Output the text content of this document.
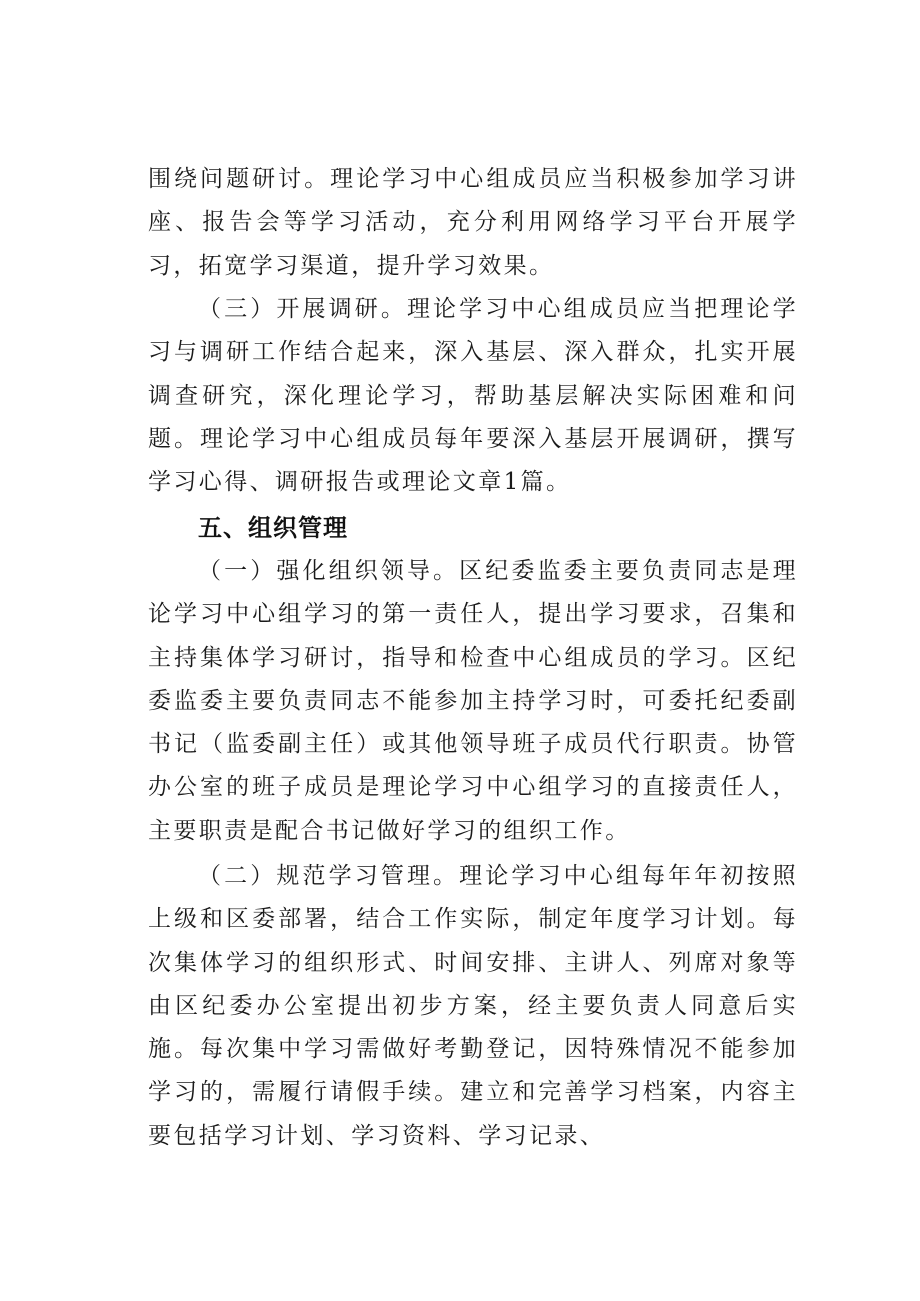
围绕问题研讨。理论学习中心组成员应当积极参加学习讲座、报告会等学习活动，充分利用网络学习平台开展学习，拓宽学习渠道，提升学习效果。

（三）开展调研。理论学习中心组成员应当把理论学习与调研工作结合起来，深入基层、深入群众，扎实开展调查研究，深化理论学习，帮助基层解决实际困难和问题。理论学习中心组成员每年要深入基层开展调研，撰写学习心得、调研报告或理论文章1篇。

五、组织管理

（一）强化组织领导。区纪委监委主要负责同志是理论学习中心组学习的第一责任人，提出学习要求，召集和主持集体学习研讨，指导和检查中心组成员的学习。区纪委监委主要负责同志不能参加主持学习时，可委托纪委副书记（监委副主任）或其他领导班子成员代行职责。协管办公室的班子成员是理论学习中心组学习的直接责任人，主要职责是配合书记做好学习的组织工作。

（二）规范学习管理。理论学习中心组每年年初按照上级和区委部署，结合工作实际，制定年度学习计划。每次集体学习的组织形式、时间安排、主讲人、列席对象等由区纪委办公室提出初步方案，经主要负责人同意后实施。每次集中学习需做好考勤登记，因特殊情况不能参加学习的，需履行请假手续。建立和完善学习档案，内容主要包括学习计划、学习资料、学习记录、
